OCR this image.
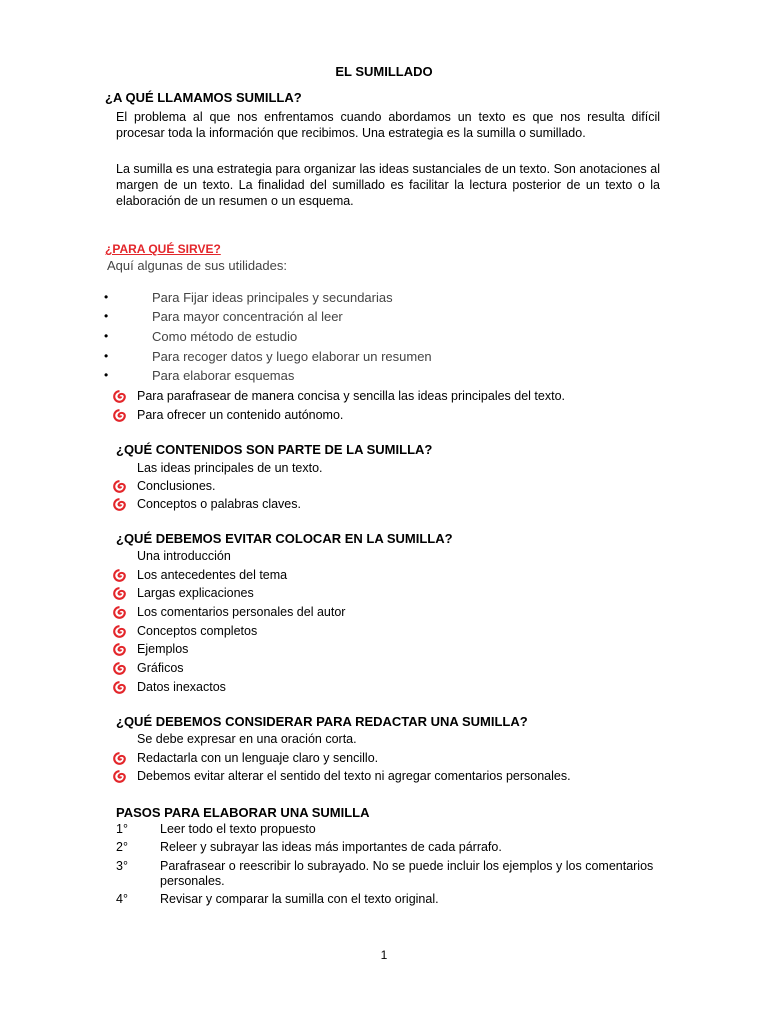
EL SUMILLADO
¿A QUÉ LLAMAMOS SUMILLA?
El problema al que nos enfrentamos cuando abordamos un texto es que nos resulta difícil procesar toda la información que recibimos. Una estrategia es la sumilla o sumillado.
La sumilla es una estrategia para organizar las ideas sustanciales de un texto. Son anotaciones al margen de un texto. La finalidad del sumillado es facilitar la lectura posterior de un texto o la elaboración de un resumen o un esquema.
¿PARA QUÉ SIRVE?
Aquí algunas de sus utilidades:
•	Para Fijar ideas principales y secundarias
•	Para mayor concentración al leer
•	Como método de estudio
•	Para recoger datos y luego elaborar un resumen
•	Para elaborar esquemas
Para parafrasear de manera concisa y sencilla las ideas principales del texto.
Para ofrecer un contenido autónomo.
¿QUÉ CONTENIDOS SON PARTE DE LA SUMILLA?
Las ideas principales de un texto.
Conclusiones.
Conceptos o palabras claves.
¿QUÉ DEBEMOS EVITAR COLOCAR EN LA SUMILLA?
Una introducción
Los antecedentes del tema
Largas explicaciones
Los comentarios personales del autor
Conceptos completos
Ejemplos
Gráficos
Datos inexactos
¿QUÉ DEBEMOS CONSIDERAR PARA REDACTAR UNA SUMILLA?
Se debe expresar en una oración corta.
Redactarla con un lenguaje claro y sencillo.
Debemos evitar alterar el sentido del texto ni agregar comentarios personales.
PASOS PARA ELABORAR UNA SUMILLA
1°	Leer todo el texto propuesto
2°	Releer y subrayar las ideas más importantes de cada párrafo.
3°	Parafrasear o reescribir lo subrayado. No se puede incluir los ejemplos y los comentarios personales.
4°	Revisar y comparar la sumilla con el texto original.
1
